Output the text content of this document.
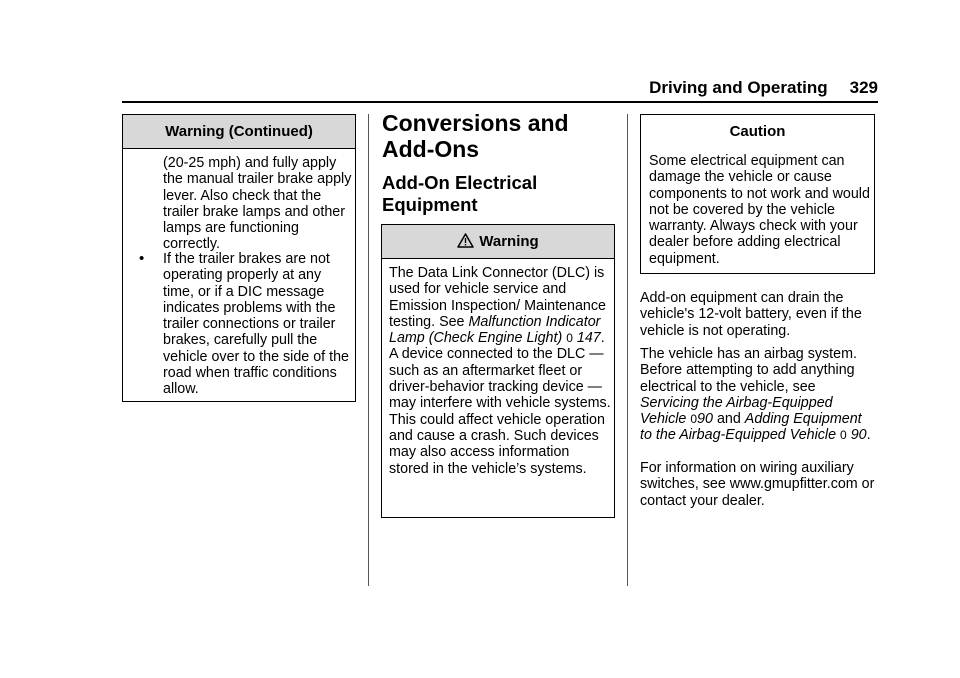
Driving and Operating 329
Warning (Continued)
(20-25 mph) and fully apply the manual trailer brake apply lever. Also check that the trailer brake lamps and other lamps are functioning correctly.
• If the trailer brakes are not operating properly at any time, or if a DIC message indicates problems with the trailer connections or trailer brakes, carefully pull the vehicle over to the side of the road when traffic conditions allow.
Conversions and Add-Ons
Add-On Electrical Equipment
Warning
The Data Link Connector (DLC) is used for vehicle service and Emission Inspection/ Maintenance testing. See Malfunction Indicator Lamp (Check Engine Light) 0 147.
A device connected to the DLC — such as an aftermarket fleet or driver-behavior tracking device — may interfere with vehicle systems. This could affect vehicle operation and cause a crash. Such devices may also access information stored in the vehicle’s systems.
Caution
Some electrical equipment can damage the vehicle or cause components to not work and would not be covered by the vehicle warranty. Always check with your dealer before adding electrical equipment.
Add-on equipment can drain the vehicle's 12-volt battery, even if the vehicle is not operating.
The vehicle has an airbag system. Before attempting to add anything electrical to the vehicle, see Servicing the Airbag-Equipped Vehicle 090 and Adding Equipment to the Airbag-Equipped Vehicle 0 90.
For information on wiring auxiliary switches, see www.gmupfitter.com or contact your dealer.
